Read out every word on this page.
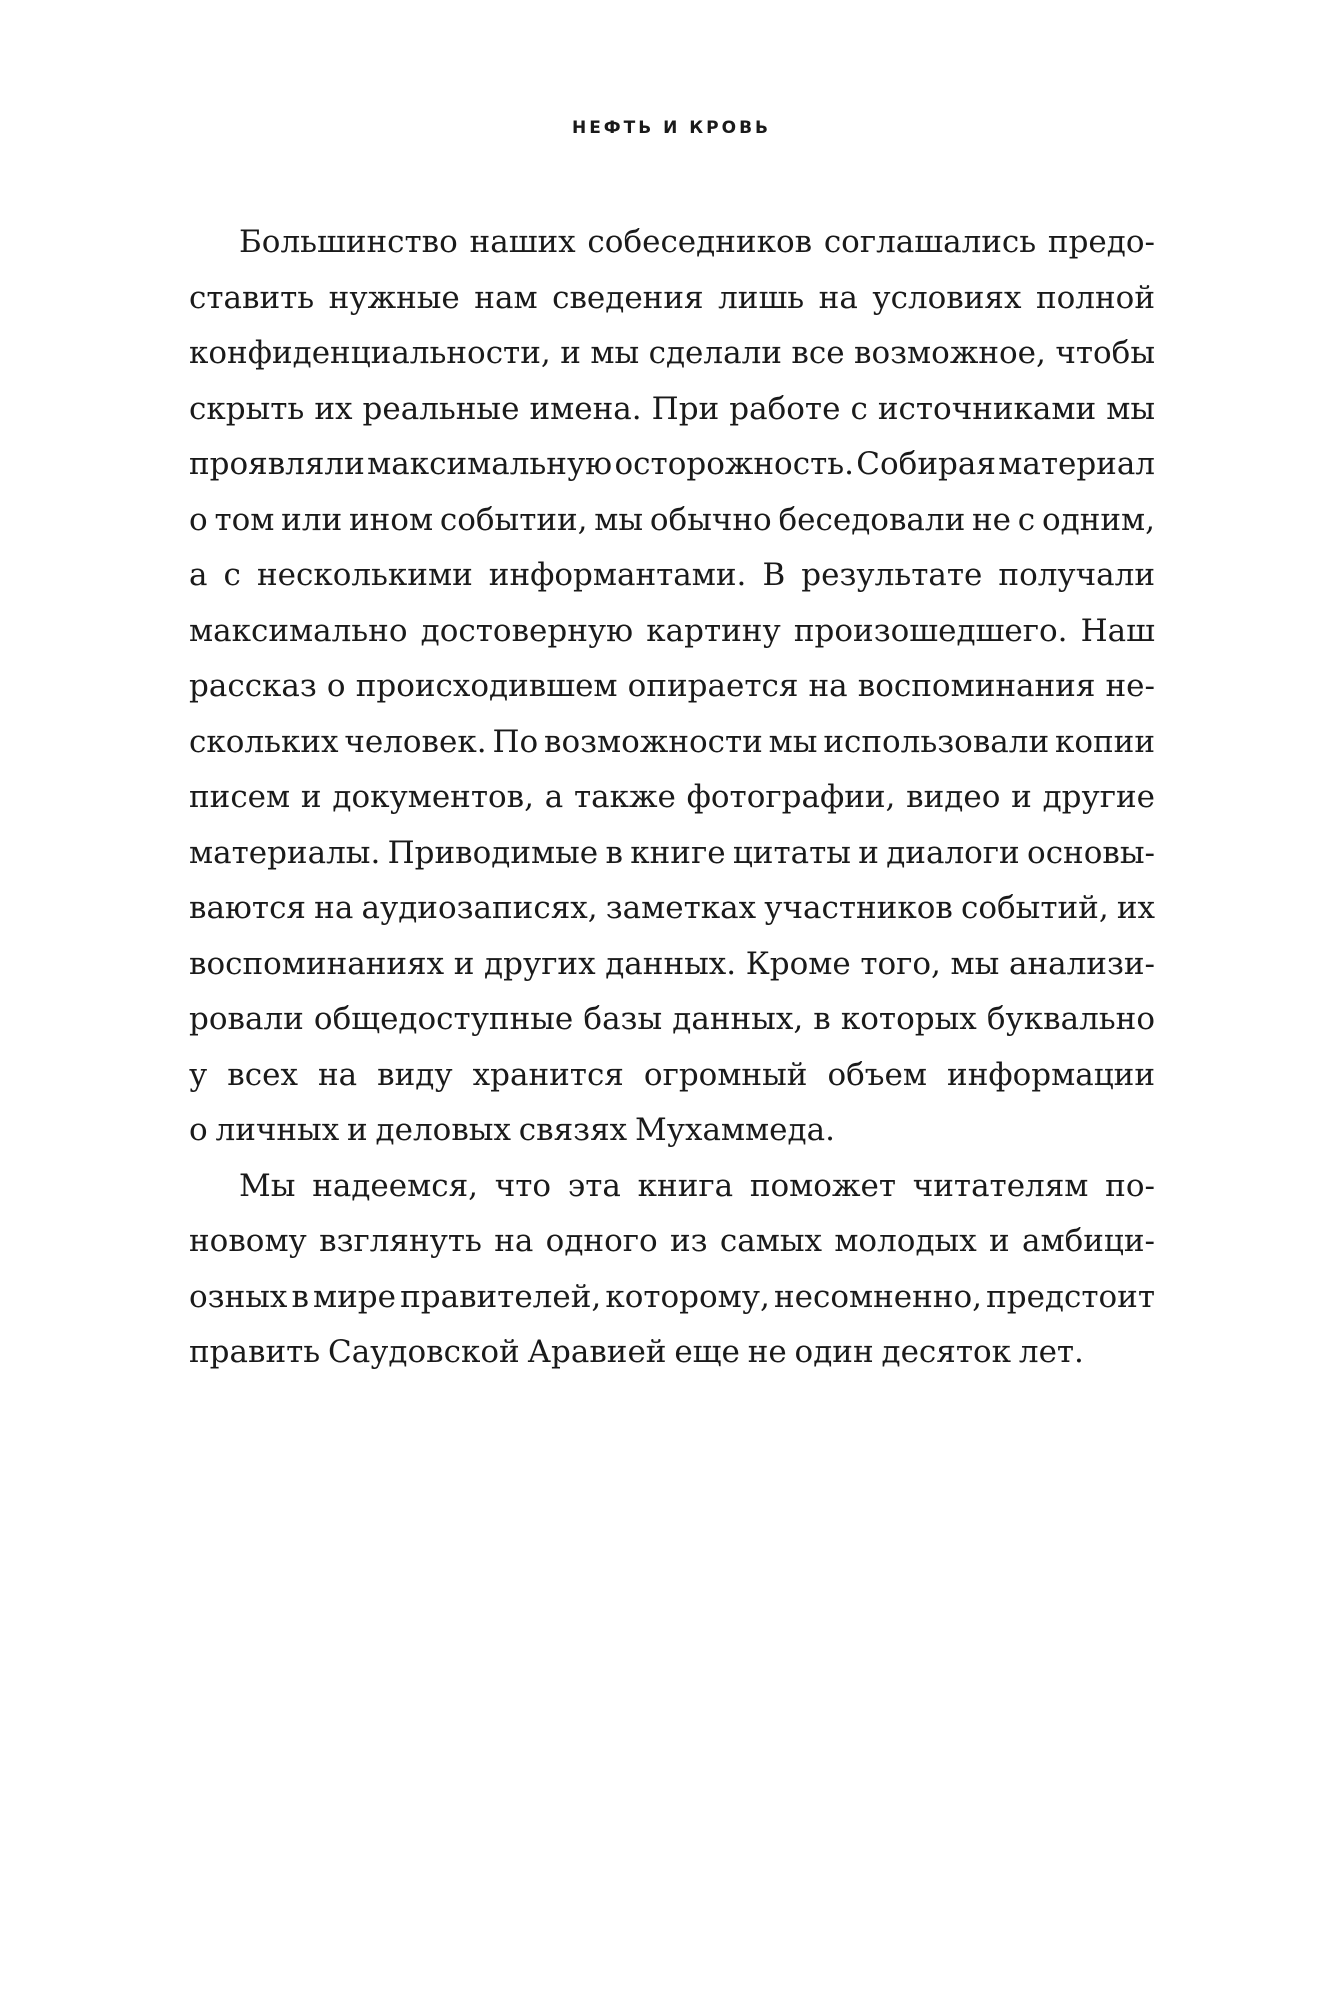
НЕФТЬ И КРОВЬ
Большинство наших собеседников соглашались предо-
ставить нужные нам сведения лишь на условиях полной
конфиденциальности, и мы сделали все возможное, чтобы
скрыть их реальные имена. При работе с источниками мы
проявляли максимальную осторожность. Собирая материал
о том или ином событии, мы обычно беседовали не с одним,
а с несколькими информантами. В результате получали
максимально достоверную картину произошедшего. Наш
рассказ о происходившем опирается на воспоминания не-
скольких человек. По возможности мы использовали копии
писем и документов, а также фотографии, видео и другие
материалы. Приводимые в книге цитаты и диалоги основы-
ваются на аудиозаписях, заметках участников событий, их
воспоминаниях и других данных. Кроме того, мы анализи-
ровали общедоступные базы данных, в которых буквально
у всех на виду хранится огромный объем информации
о личных и деловых связях Мухаммеда.
Мы надеемся, что эта книга поможет читателям по-
новому взглянуть на одного из самых молодых и амбици-
озных в мире правителей, которому, несомненно, предстоит
править Саудовской Аравией еще не один десяток лет.
